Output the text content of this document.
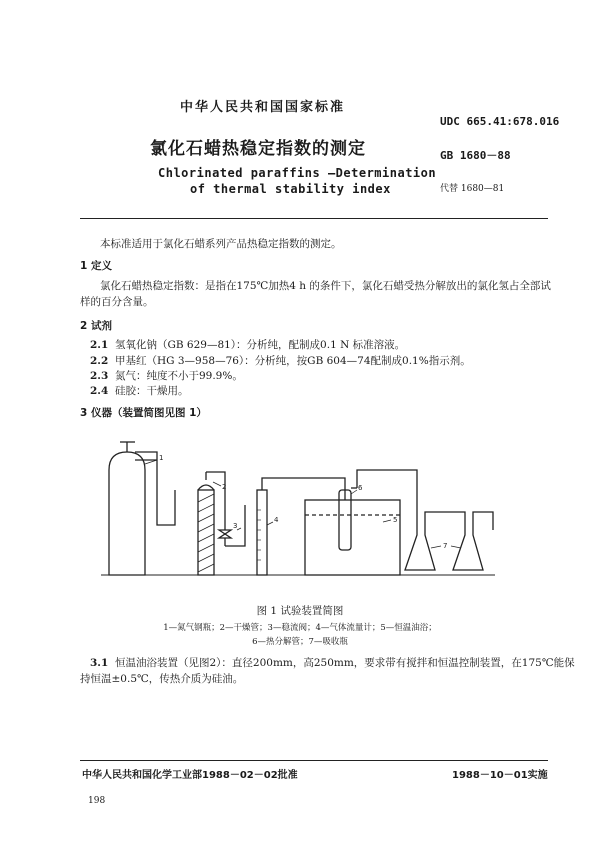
中华人民共和国国家标准
UDC 665.41:678.016
氯化石蜡热稳定指数的测定	GB 1680－88
Chlorinated paraffins —Determination
of thermal stability index	代替 1680—81
本标准适用于氯化石蜡系列产品热稳定指数的测定。
1 定义
氯化石蜡热稳定指数：是指在175℃加热4 h 的条件下，氯化石蜡受热分解放出的氯化氢占全部试
样的百分含量。
2 试剂
2.1 氢氧化钠（GB 629—81）：分析纯，配制成0.1 N 标准溶液。
2.2 甲基红（HG 3—958—76）：分析纯，按GB 604—74配制成0.1%指示剂。
2.3 氮气：纯度不小于99.9%。
2.4 硅胶：干燥用。
3 仪器（装置简图见图 1）
1
2
3
4	5
6
7
图 1 试验装置简图
1—氮气钢瓶；2—干燥管；3—稳流阀；4—气体流量计；5—恒温油浴；
6—热分解管；7—吸收瓶
3.1 恒温油浴装置（见图2）：直径200mm，高250mm，要求带有搅拌和恒温控制装置，在175℃能保
持恒温±0.5℃，传热介质为硅油。
中华人民共和国化学工业部1988－02－02批准	1988－10－01实施
198
